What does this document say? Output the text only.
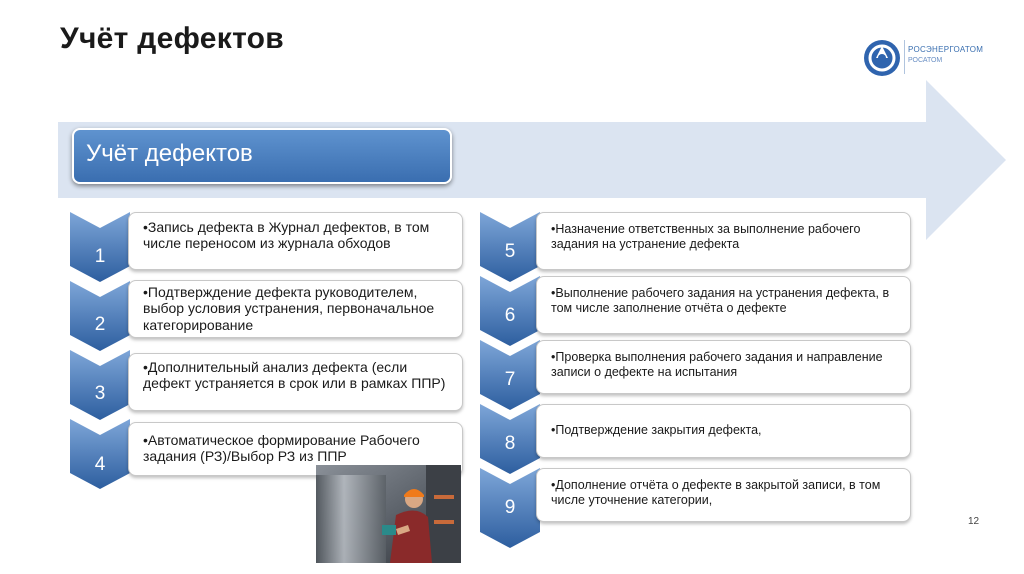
Учёт дефектов	РОСЭНЕРГОАТОМ
РОСАТОМ
Учёт дефектов
•Запись дефекта в Журнал дефектов, в том числе переносом из журнала обходов
•Подтверждение дефекта руководителем, выбор условия устранения, первоначальное категорирование
•Дополнительный анализ дефекта (если дефект устраняется в срок или в рамках ППР)
•Автоматическое формирование Рабочего задания (РЗ)/Выбор РЗ из ППР
•Назначение ответственных за выполнение рабочего задания на устранение дефекта
•Выполнение рабочего задания на устранения дефекта, в том числе заполнение отчёта о дефекте
•Проверка выполнения рабочего задания и направление записи о дефекте на испытания
•Подтверждение закрытия дефекта,
•Дополнение отчёта о дефекте в закрытой записи, в том числе уточнение категории,
1
2
3
4
5
6
7
8
9
12
